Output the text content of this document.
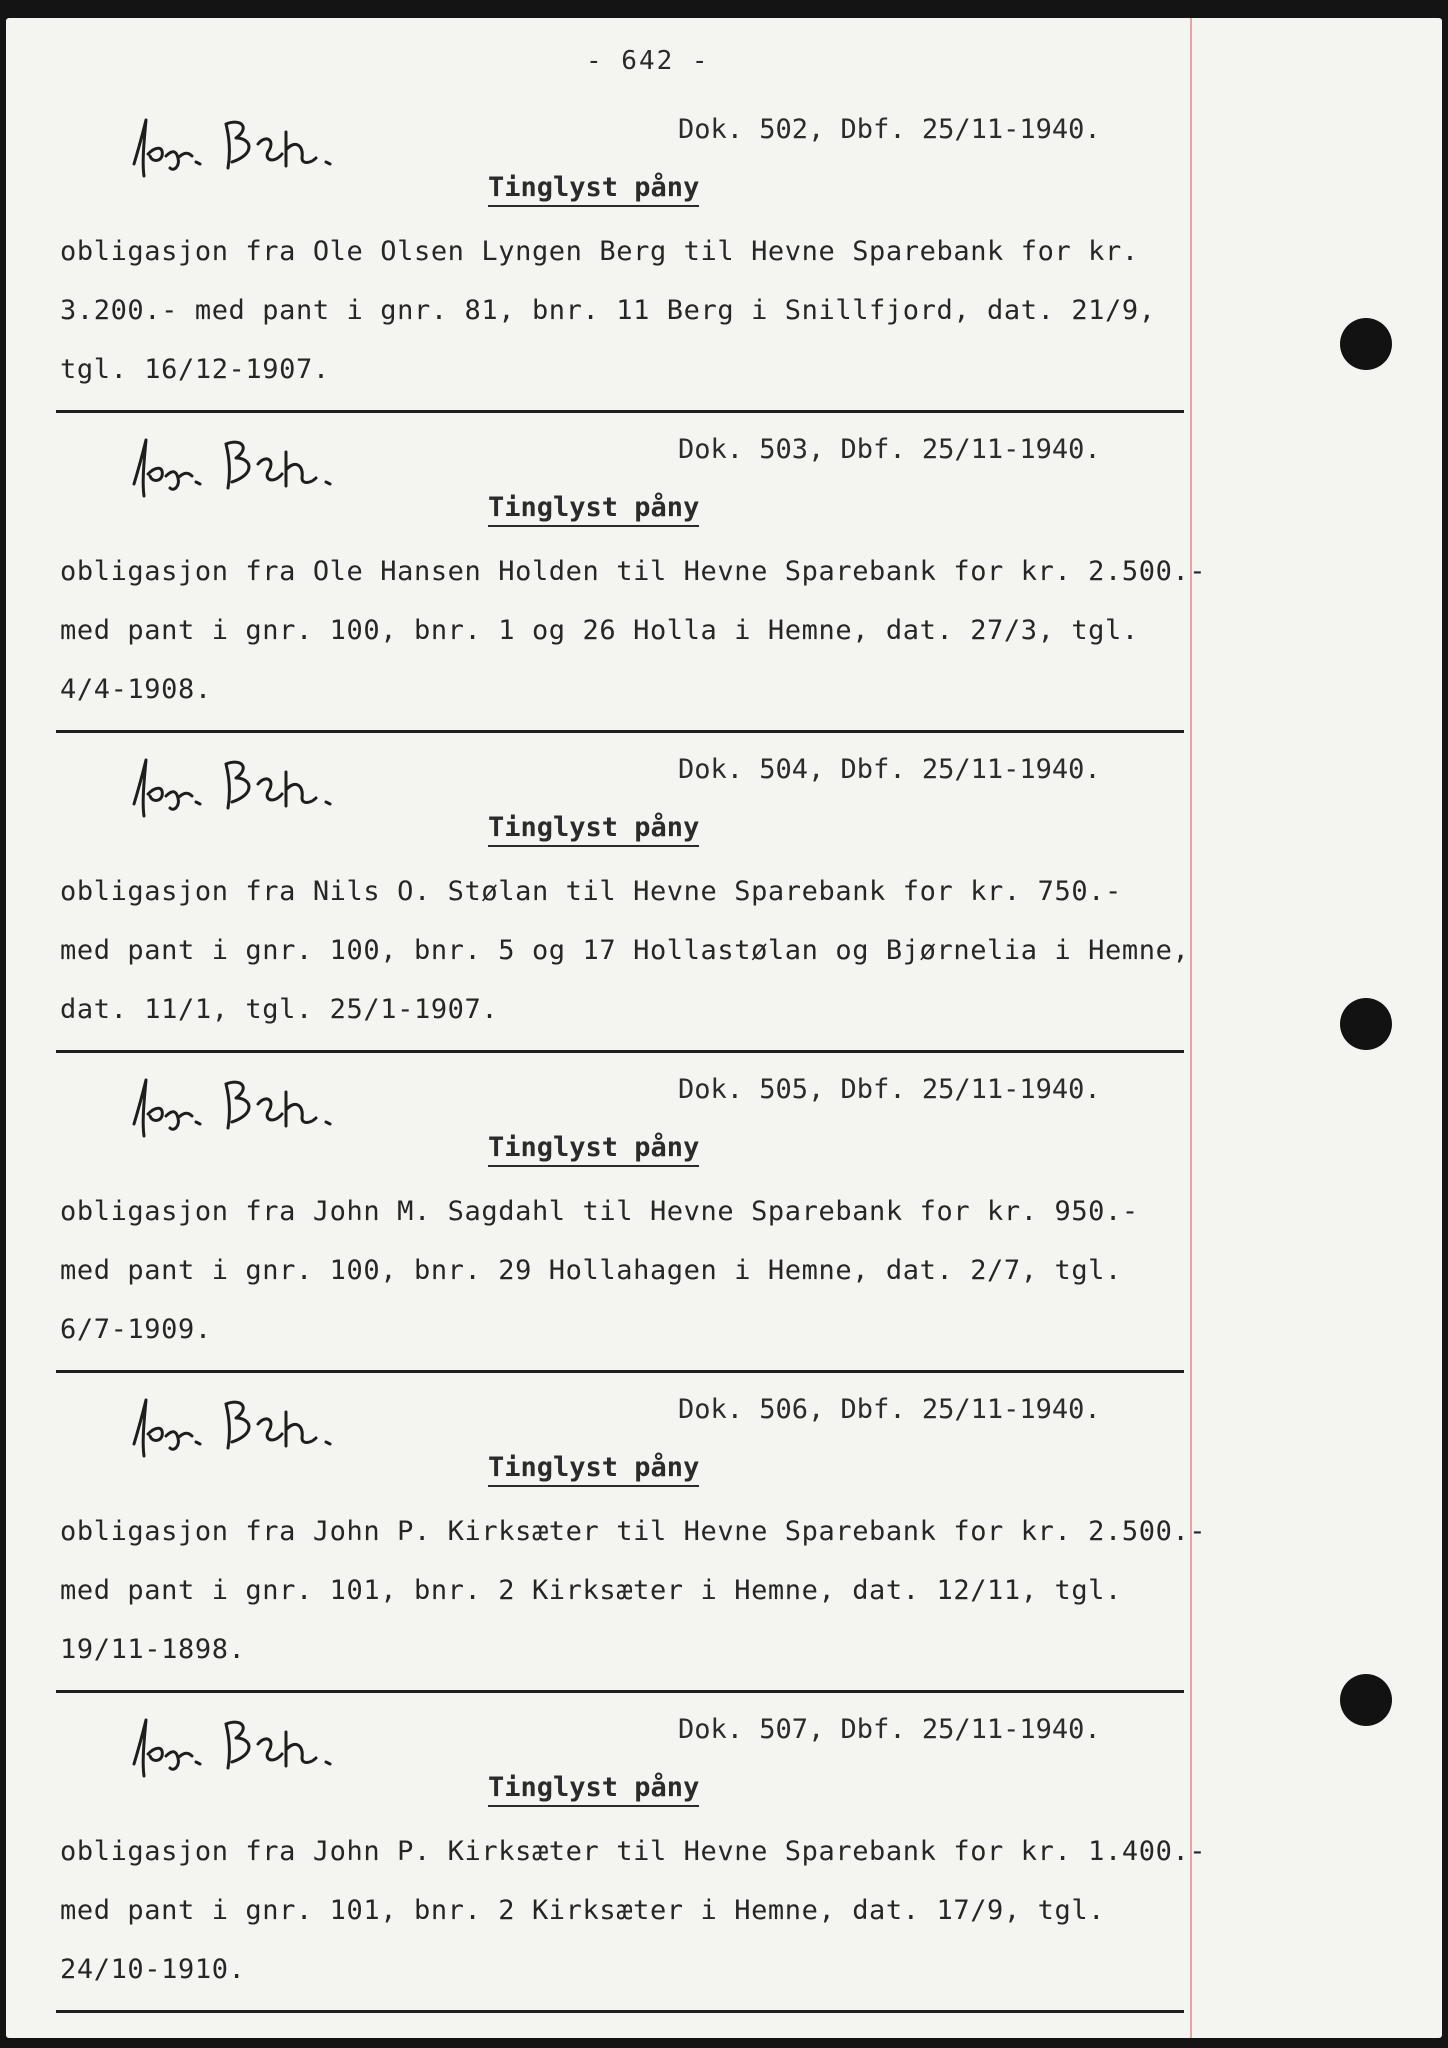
- 642 -
Dok. 502, Dbf. 25/11-1940.
Tinglyst påny
obligasjon fra Ole Olsen Lyngen Berg til Hevne Sparebank for kr.
3.200.- med pant i gnr. 81, bnr. 11 Berg i Snillfjord, dat. 21/9,
tgl. 16/12-1907.
Dok. 503, Dbf. 25/11-1940.
Tinglyst påny
obligasjon fra Ole Hansen Holden til Hevne Sparebank for kr. 2.500.-
med pant i gnr. 100, bnr. 1 og 26 Holla i Hemne, dat. 27/3, tgl.
4/4-1908.
Dok. 504, Dbf. 25/11-1940.
Tinglyst påny
obligasjon fra Nils O. Stølan til Hevne Sparebank for kr. 750.-
med pant i gnr. 100, bnr. 5 og 17 Hollastølan og Bjørnelia i Hemne,
dat. 11/1, tgl. 25/1-1907.
Dok. 505, Dbf. 25/11-1940.
Tinglyst påny
obligasjon fra John M. Sagdahl til Hevne Sparebank for kr. 950.-
med pant i gnr. 100, bnr. 29 Hollahagen i Hemne, dat. 2/7, tgl.
6/7-1909.
Dok. 506, Dbf. 25/11-1940.
Tinglyst påny
obligasjon fra John P. Kirksæter til Hevne Sparebank for kr. 2.500.-
med pant i gnr. 101, bnr. 2 Kirksæter i Hemne, dat. 12/11, tgl.
19/11-1898.
Dok. 507, Dbf. 25/11-1940.
Tinglyst påny
obligasjon fra John P. Kirksæter til Hevne Sparebank for kr. 1.400.-
med pant i gnr. 101, bnr. 2 Kirksæter i Hemne, dat. 17/9, tgl.
24/10-1910.
